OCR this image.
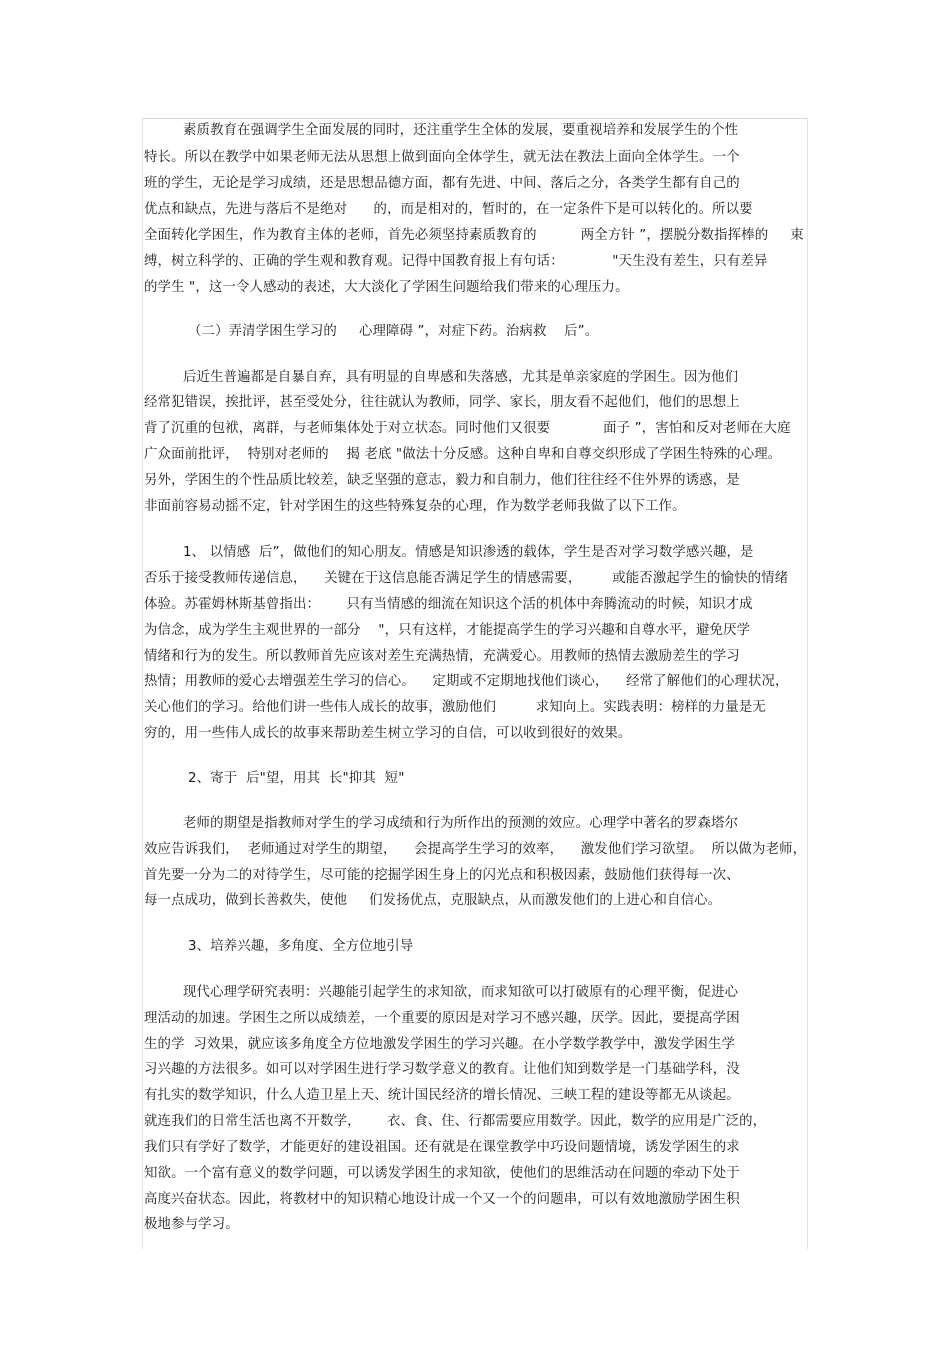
素质教育在强调学生全面发展的同时，还注重学生全体的发展，要重视培养和发展学生的个性
特长。所以在教学中如果老师无法从思想上做到面向全体学生，就无法在教法上面向全体学生。一个
班的学生，无论是学习成绩，还是思想品德方面，都有先进、中间、落后之分，各类学生都有自己的
优点和缺点，先进与落后不是绝对      的，而是相对的，暂时的，在一定条件下是可以转化的。所以要
全面转化学困生，作为教育主体的老师，首先必须坚持素质教育的          两全方针 ”，摆脱分数指挥棒的     束
缚，树立科学的、正确的学生观和教育观。记得中国教育报上有句话：           "天生没有差生，只有差异
的学生 "，这一令人感动的表述，大大淡化了学困生问题给我们带来的心理压力。
（二）弄清学困生学习的     心理障碍 ”，对症下药。治病救    后”。
后近生普遍都是自暴自弃，具有明显的自卑感和失落感，尤其是单亲家庭的学困生。因为他们
经常犯错误，挨批评，甚至受处分，往往就认为教师，同学、家长，朋友看不起他们，他们的思想上
背了沉重的包袱，离群，与老师集体处于对立状态。同时他们又很要            面子 ”，害怕和反对老师在大庭
广众面前批评，  特别对老师的    揭 老底 "做法十分反感。这种自卑和自尊交织形成了学困生特殊的心理。
另外，学困生的个性品质比较差，缺乏坚强的意志，毅力和自制力，他们往往经不住外界的诱惑，是
非面前容易动摇不定，针对学困生的这些特殊复杂的心理，作为数学老师我做了以下工作。
1、 以情感  后”，做他们的知心朋友。情感是知识渗透的载体，学生是否对学习数学感兴趣，是
否乐于接受教师传递信息，    关键在于这信息能否满足学生的情感需要，       或能否激起学生的愉快的情绪
体验。苏霍姆林斯基曾指出：      只有当情感的细流在知识这个活的机体中奔腾流动的时候，知识才成
为信念，成为学生主观世界的一部分    "，只有这样，才能提高学生的学习兴趣和自尊水平，避免厌学
情绪和行为的发生。所以教师首先应该对差生充满热情，充满爱心。用教师的热情去激励差生的学习
热情；用教师的爱心去增强差生学习的信心。    定期或不定期地找他们谈心，    经常了解他们的心理状况，
关心他们的学习。给他们讲一些伟人成长的故事，激励他们         求知向上。实践表明：榜样的力量是无
穷的，用一些伟人成长的故事来帮助差生树立学习的自信，可以收到很好的效果。
2、寄于  后"望，用其  长"抑其  短"
老师的期望是指教师对学生的学习成绩和行为所作出的预测的效应。心理学中著名的罗森塔尔
效应告诉我们，  老师通过对学生的期望，    会提高学生学习的效率，    激发他们学习欲望。  所以做为老师，
首先要一分为二的对待学生，尽可能的挖掘学困生身上的闪光点和积极因素，鼓励他们获得每一次、
每一点成功，做到长善救失，使他     们发扬优点，克服缺点，从而激发他们的上进心和自信心。
3、培养兴趣，多角度、全方位地引导
现代心理学研究表明：兴趣能引起学生的求知欲，而求知欲可以打破原有的心理平衡，促进心
理活动的加速。学困生之所以成绩差，一个重要的原因是对学习不感兴趣，厌学。因此，要提高学困
生的学  习效果，就应该多角度全方位地激发学困生的学习兴趣。在小学数学教学中，激发学困生学
习兴趣的方法很多。如可以对学困生进行学习数学意义的教育。让他们知到数学是一门基础学科，没
有扎实的数学知识，什么人造卫星上天、统计国民经济的增长情况、三峡工程的建设等都无从谈起。
就连我们的日常生活也离不开数学，      衣、食、住、行都需要应用数学。因此，数学的应用是广泛的，
我们只有学好了数学，才能更好的建设祖国。还有就是在课堂教学中巧设问题情境，诱发学困生的求
知欲。一个富有意义的数学问题，可以诱发学困生的求知欲，使他们的思维活动在问题的牵动下处于
高度兴奋状态。因此，将教材中的知识精心地设计成一个又一个的问题串，可以有效地激励学困生积
极地参与学习。
